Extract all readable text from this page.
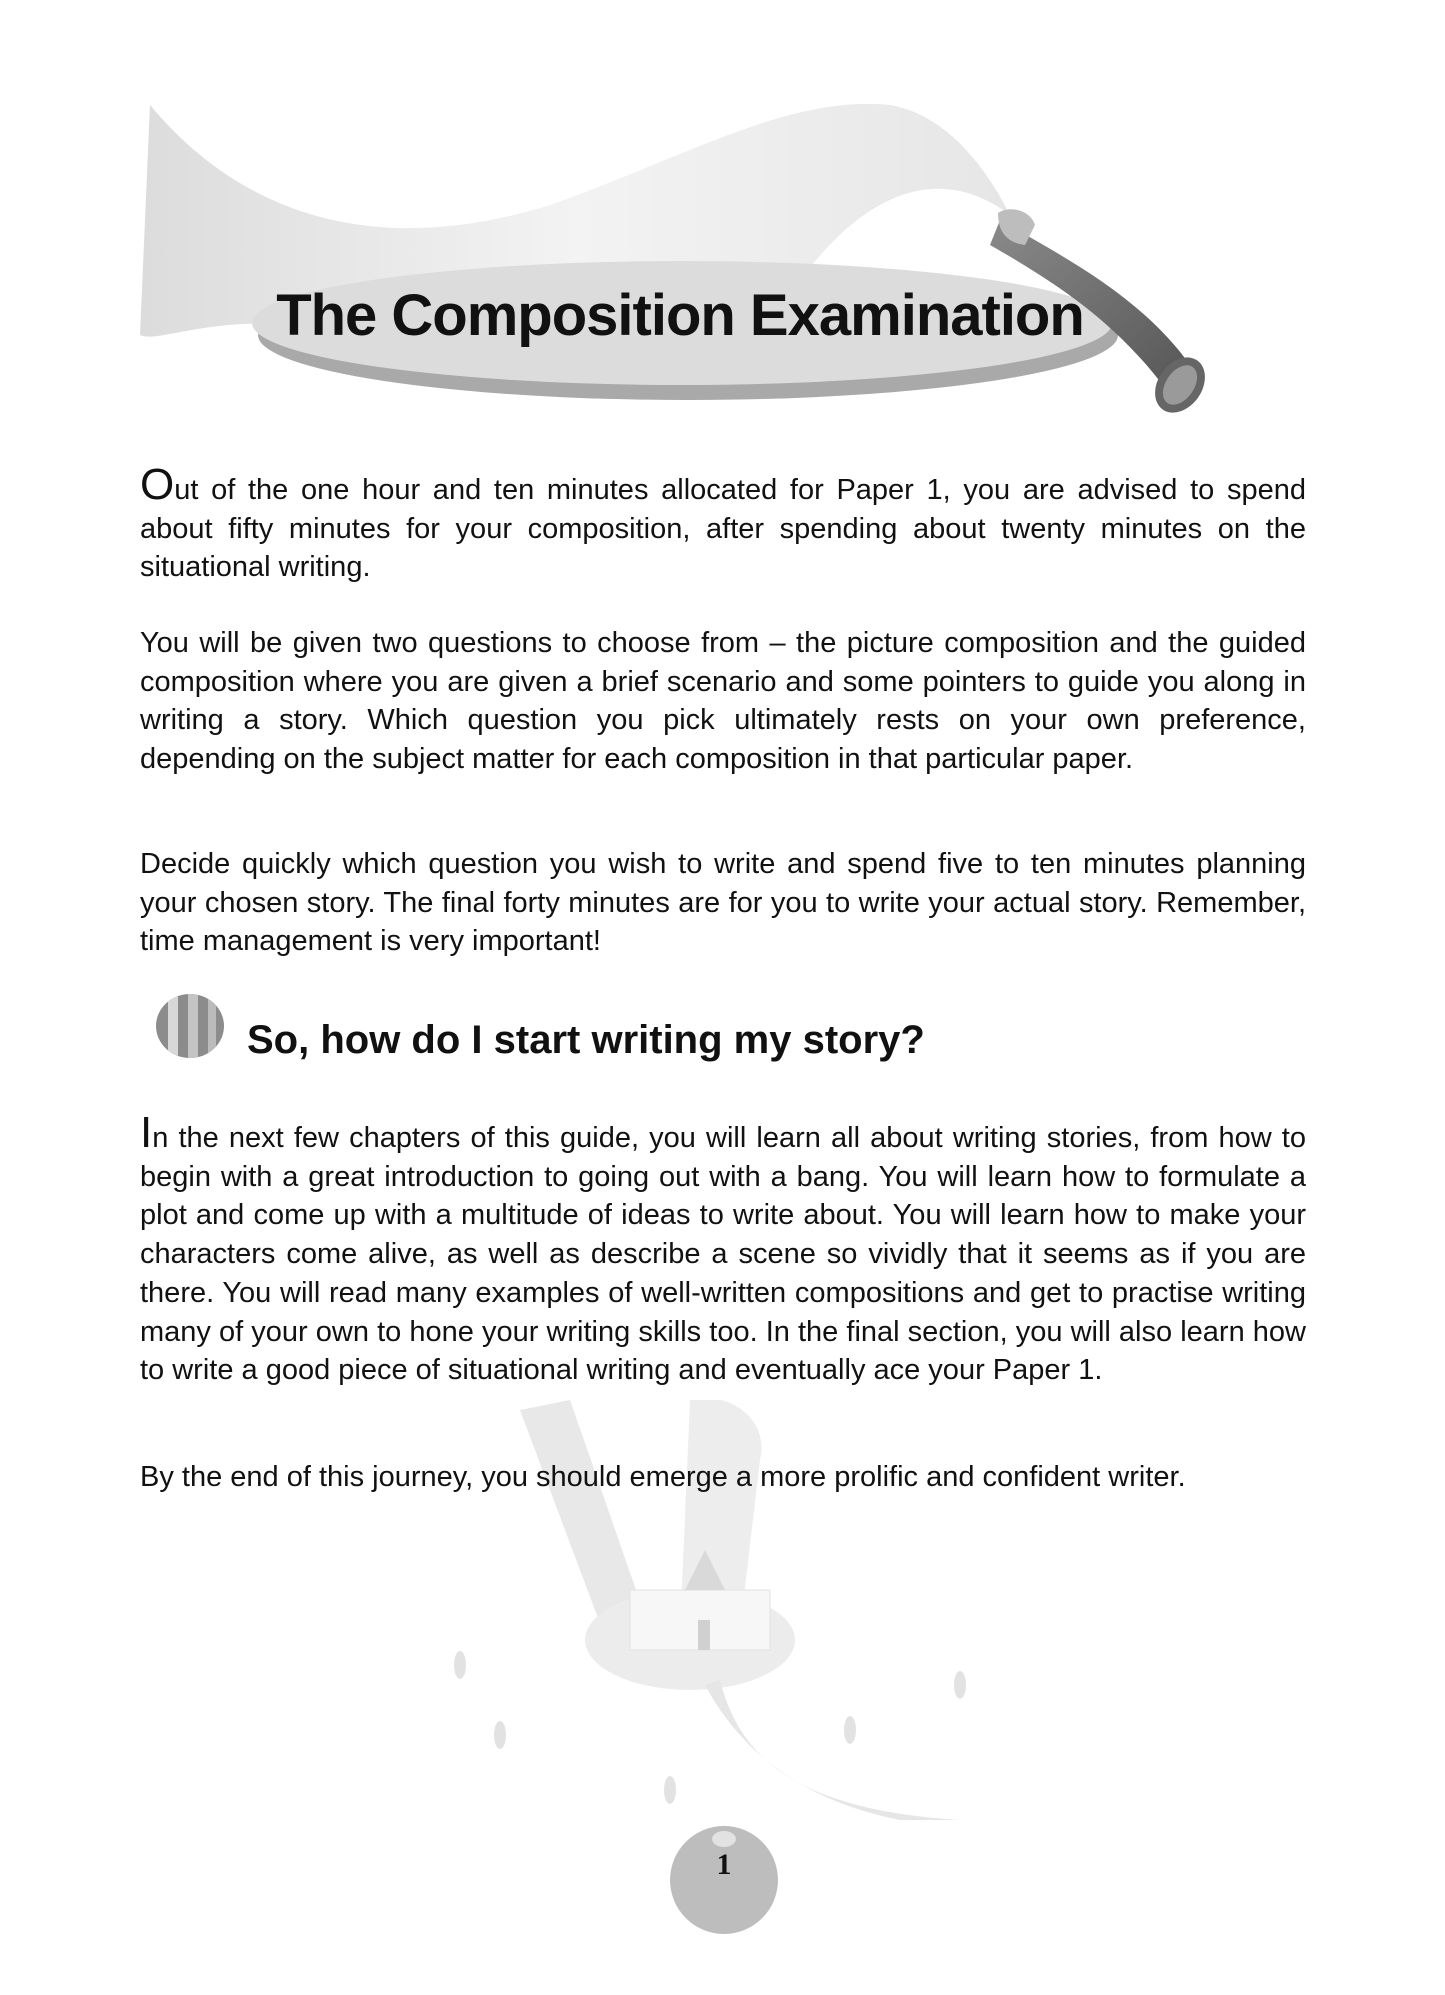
The Composition Examination

Out of the one hour and ten minutes allocated for Paper 1, you are advised to spend about fifty minutes for your composition, after spending about twenty minutes on the situational writing.

You will be given two questions to choose from – the picture composition and the guided composition where you are given a brief scenario and some pointers to guide you along in writing a story. Which question you pick ultimately rests on your own preference, depending on the subject matter for each composition in that particular paper.

Decide quickly which question you wish to write and spend five to ten minutes planning your chosen story. The final forty minutes are for you to write your actual story. Remember, time management is very important!

So, how do I start writing my story?

In the next few chapters of this guide, you will learn all about writing stories, from how to begin with a great introduction to going out with a bang. You will learn how to formulate a plot and come up with a multitude of ideas to write about. You will learn how to make your characters come alive, as well as describe a scene so vividly that it seems as if you are there. You will read many examples of well-written compositions and get to practise writing many of your own to hone your writing skills too. In the final section, you will also learn how to write a good piece of situational writing and eventually ace your Paper 1.

By the end of this journey, you should emerge a more prolific and confident writer.

1
